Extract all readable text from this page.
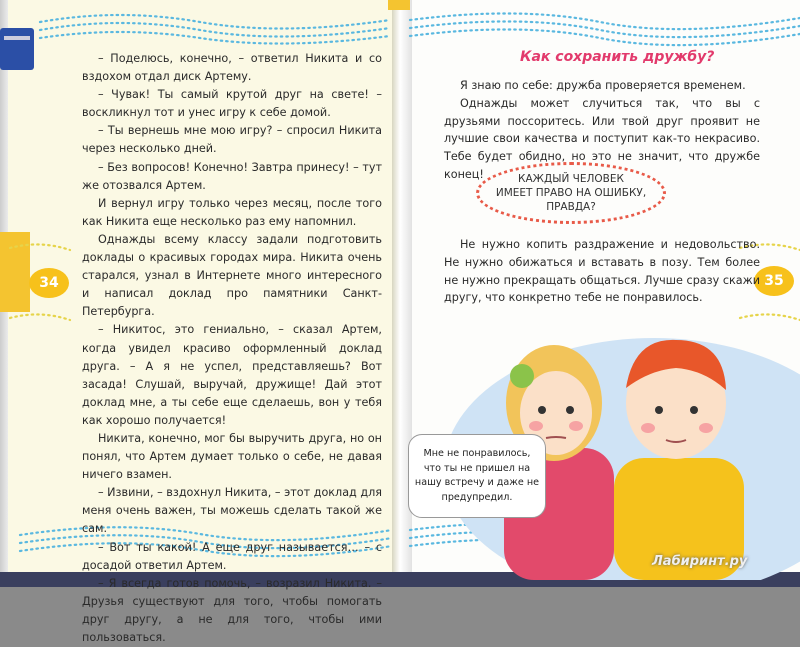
– Поделюсь, конечно, – ответил Никита и со вздохом отдал диск Артему.

– Чувак! Ты самый крутой друг на свете! – воскликнул тот и унес игру к себе домой.

– Ты вернешь мне мою игру? – спросил Никита через несколько дней.

– Без вопросов! Конечно! Завтра принесу! – тут же отозвался Артем.

И вернул игру только через месяц, после того как Никита еще несколько раз ему напомнил.

Однажды всему классу задали подготовить доклады о красивых городах мира. Никита очень старался, узнал в Интернете много интересного и написал доклад про памятники Санкт-Петербурга.

– Никитос, это гениально, – сказал Артем, когда увидел красиво оформленный доклад друга. – А я не успел, представляешь? Вот засада! Слушай, выручай, дружище! Дай этот доклад мне, а ты себе еще сделаешь, вон у тебя как хорошо получается!

Никита, конечно, мог бы выручить друга, но он понял, что Артем думает только о себе, не давая ничего взамен.

– Извини, – вздохнул Никита, – этот доклад для меня очень важен, ты можешь сделать такой же сам.

– Вот ты какой! А еще друг называется… – с досадой ответил Артем.

– Я всегда готов помочь, – возразил Никита. – Друзья существуют для того, чтобы помогать друг другу, а не для того, чтобы ими пользоваться.

34	35
Как сохранить дружбу?

Я знаю по себе: дружба проверяется временем.

Однажды может случиться так, что вы с друзьями поссоритесь. Или твой друг проявит не лучшие свои качества и поступит как-то некрасиво. Тебе будет обидно, но это не значит, что дружбе конец!	КАЖДЫЙ ЧЕЛОВЕК
ИМЕЕТ ПРАВО НА ОШИБКУ,
ПРАВДА?

Не нужно копить раздражение и недовольство. Не нужно обижаться и вставать в позу. Тем более не нужно прекращать общаться. Лучше сразу скажи другу, что конкретно тебе не понравилось.

Мне не понравилось,
что ты не пришел на
нашу встречу и даже не
предупредил.
Лабиринт.ру
